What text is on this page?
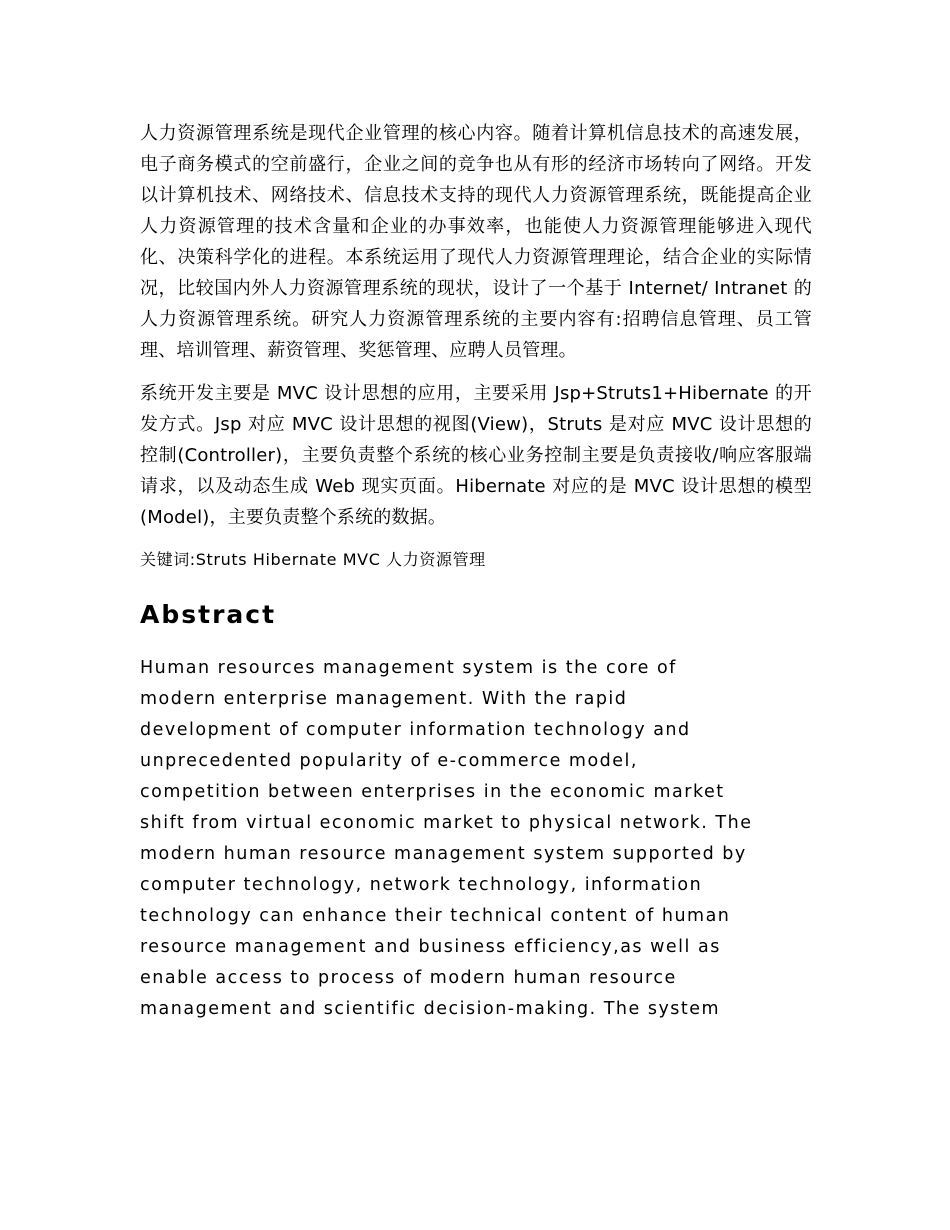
人力资源管理系统是现代企业管理的核心内容。随着计算机信息技术的高速发展，电子商务模式的空前盛行，企业之间的竞争也从有形的经济市场转向了网络。开发以计算机技术、网络技术、信息技术支持的现代人力资源管理系统，既能提高企业人力资源管理的技术含量和企业的办事效率，也能使人力资源管理能够进入现代化、决策科学化的进程。本系统运用了现代人力资源管理理论，结合企业的实际情况，比较国内外人力资源管理系统的现状，设计了一个基于 Internet/ Intranet 的人力资源管理系统。研究人力资源管理系统的主要内容有:招聘信息管理、员工管理、培训管理、薪资管理、奖惩管理、应聘人员管理。

系统开发主要是 MVC 设计思想的应用，主要采用 Jsp+Struts1+Hibernate 的开发方式。Jsp 对应 MVC 设计思想的视图(View)，Struts 是对应 MVC 设计思想的控制(Controller)，主要负责整个系统的核心业务控制主要是负责接收/响应客服端请求，以及动态生成 Web 现实页面。Hibernate 对应的是 MVC 设计思想的模型(Model)，主要负责整个系统的数据。

关键词:Struts Hibernate MVC 人力资源管理

Abstract
Human resources management system is the core of
modern enterprise management. With the rapid
development of computer information technology and
unprecedented popularity of e-commerce model,
competition between enterprises in the economic market
shift from virtual economic market to physical network. The
modern human resource management system supported by
computer technology, network technology, information
technology can enhance their technical content of human
resource management and business efficiency,as well as
enable access to process of modern human resource
management and scientific decision-making. The system
